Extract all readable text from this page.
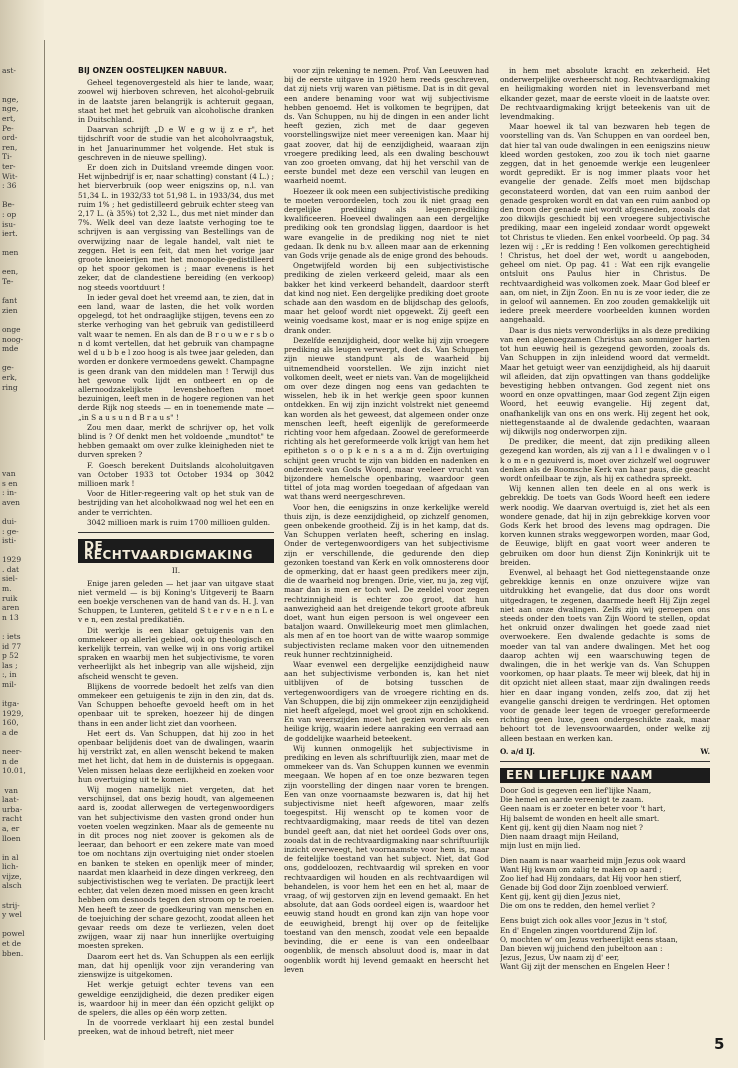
ast-

nge,
nge,
ert,
Pe-
ord-
ren,
Ti-
ter-
Wit-
: 36

Be-
: op
isu-
iert.

men

een,
Te-

fant
zien

onge
noog-
mde

ge-
erk,
ring

van
s en
: in-
aven

dui-
: ge-
isti-

1929
. dat
siel-
m.
ruik
aren
n 13

: iets
id 77
p 52
las ;
:, in
mil-

itga-
1929,
160,
a de

neer-
n de
10.01,

van
laat-
urba-
racht
a, er
lloen

in al
lich-
vijze,
alsch

strij-
y wel

powel
et de
bben.
BIJ ONZEN OOSTELIJKEN NABUUR.

Geheel tegenovergesteld als hier te lande, waar, zoowel wij hierboven schreven, het alcohol-gebruik in de laatste jaren belangrijk is achteruit gegaan, staat het met het gebruik van alcoholische dranken in Duitschland.

Daarvan schrijft „D e W e g w ij z e r", het tijdschrift voor de studie van het alcoholvraagstuk, in het Januarinummer het volgende. Het stuk is geschreven in de nieuwe spelling).

Er doen zich in Duitsland vreemde dingen voor. Het wijnbedrijf is er, naar schatting) constant (4 L.) ; het bierverbruik (oop weer enigszins op, n.l. van 51,34 L. in 1932/33 tot 51,98 L. in 1933/34, dus met ruim 1% ; het gedistilleerd gebruik echter steeg van 2,17 L. (à 35%) tot 2,32 L., dus met niet minder dan 7%. Welk deel van deze laatste verhoging toe te schrijven is aan vergissing van Bestellings van de overwijzing naar de legale handel, valt niet te zeggen. Het is een feit, dat men het vorige jaar groote knoeierijen met het monopolie-gedistilleerd op het spoor gekomen is ; maar evenens is het zeker, dat de clandestiene bereiding (en verkoop) nog steeds voortduurt !

In ieder geval doet het vreemd aan, te zien, dat in een land, waar de lasten, die het volk worden opgelegd, tot het ondraaglijke stijgen, tevens een zo sterke verhoging van het gebruik van gedistilleerd valt waar te nemen. En als dan de B r o u w e r s b o n d komt vertellen, dat het gebruik van champagne wel d u b b e l zoo hoog is als twee jaar geleden, dan worden er donkere vermoedens gewekt. Champagne is geen drank van den middelen man ! Terwijl dus het gewone volk lijdt en ontbeert en op de allernoodzakelijkste levensbehoeften moet bezuinigen, leeft men in de hogere regionen van het derde Rijk nog steeds — en in toenemende mate — „in S a u s u n d B r a u s" !

Zou men daar, merkt de schrijver op, het volk blind is ? Of denkt men het voldoende „mundtot" te hebben gemaakt om over zulke kleinigheden niet te durven spreken ?

F. Goesch berekent Duitslands alcoholuitgaven van October 1933 tot October 1934 op 3042 millioen mark !

Voor de Hitler-regeering valt op het stuk van de bestrijding van het alcoholkwaad nog wel het een en ander te verrichten.

3042 millioen mark is ruim 1700 millioen gulden.

DE RECHTVAARDIGMAKING
II.

Enige jaren geleden — het jaar van uitgave staat niet vermeld — is bij Koning's Uitgeverij te Baarn een boekje verschenen van de hand van ds. H. J. van Schuppen, te Lunteren, getiteld S t e r v e n e n L e v e n, een zestal predikatiën.

Dit werkje is een klaar getuigenis van den ommekeer op allerlei gebied, ook op theologisch en kerkelijk terrein, van welke wij in ons vorig artikel spraken en waarbij men het subjectivisme, te voren verheerlijkt als het inbegrip van alle wijsheid, zijn afscheid wenscht te geven.

Blijkens de voorrede bedoelt het zelfs van dien ommekeer een getuigenis te zijn in den zin, dat ds. Van Schuppen behoefte gevoeld heeft om in het openbaar uit te spreken, hoezeer hij de dingen thans in een ander licht ziet dan voorheen.

Het eert ds. Van Schuppen, dat hij zoo in het openbaar belijdenis doet van de dwalingen, waarin hij verstrikt zat, en allen wenscht bekend te maken met het licht, dat hem in de duisternis is opgegaan. Velen missen helaas deze eerlijkheid en zoeken voor hun overtuiging uit te komen.

Wij mogen namelijk niet vergeten, dat het verschijnsel, dat ons bezig houdt, van algemeenen aard is, zoodat allerwegen de vertegenwoordigers van het subjectivisme den vasten grond onder hun voeten voelen wegzinken. Maar als de gemeente nu in dit proces nog niet zoover is gekomen als de leeraar, dan behoort er een zekere mate van moed toe om nochtans zijn overtuiging niet onder stoelen en banken te steken en openlijk meer of minder, naardat men klaarheid in deze dingen verkreeg, den subjectivistischen weg te verlaten. De practijk leert echter, dat velen dezen moed missen en geen kracht hebben om desnoods tegen den stroom op te roeien. Men heeft te zeer de goedkeuring van menschen en de toejuiching der schare gezocht, zoodat alleen het gevaar reeds om deze te verliezen, velen doet zwijgen, waar zij naar hun innerlijke overtuiging moesten spreken.

Daarom eert het ds. Van Schuppen als een eerlijk man, dat hij openlijk voor zijn verandering van zienswijze is uitgekomen.

Het werkje getuigt echter tevens van een geweldige eenzijdigheid, die dezen prediker eigen is, waardoor hij in meer dan één opzicht gelijkt op de spelers, die alles op één worp zetten.

In de voorrede verklaart hij een zestal bundel preeken, wat de inhoud betreft, niet meer

voor zijn rekening te nemen. Prof. Van Leeuwen had bij de eerste uitgave in 1920 hem reeds geschreven, dat zij niets vrij waren van piëtisme. Dat is in dit geval een andere benaming voor wat wij subjectivisme hebben genoemd. Het is volkomen te begrijpen, dat ds. Van Schuppen, nu hij de dingen in een ander licht heeft gezien, zich met de daar gegeven voorstellingswijze niet meer vereenigen kan. Maar hij gaat zoover, dat hij de eenzijdigheid, waaraan zijn vroegere prediking leed, als een dwaling beschouwt van zoo groeten omvang, dat hij het verschil van de eerste bundel met deze een verschil van leugen en waarheid noemt.

Hoezeer ik ook meen een subjectivistische prediking te moeten veroordeelen, toch zou ik niet graag een dergelijke prediking als leugen-prediking kwalificeeren. Hoeveel dwalingen aan een dergelijke prediking ook ten grondslag liggen, daardoor is het ware evangelie in de prediking nog niet te niet gedaan. Ik denk nu b.v. alleen maar aan de erkenning van Gods vrije genade als de enige grond des behouds.

Ongetwijfeld worden bij een subjectivistische prediking de zielen verkeerd geleid, maar als een bakker het kind verkeerd behandelt, daardoor sterft dat kind nog niet. Een dergelijke prediking doet groote schade aan den wasdom en de blijdschap des geloofs, maar het geloof wordt niet opgewekt. Zij geeft een weinig voedsame kost, maar er is nog enige spijze en drank onder.

Dezelfde eenzijdigheid, door welke hij zijn vroegere prediking als leugen verwerpt, doet ds. Van Schuppen zijn nieuwe standpunt als de waarheid bij uitnemendheid voorstellen. We zijn inzicht niet volkomen deelt, weet er niets van. Van de mogelijkheid om over deze dingen nog eens van gedachten te wisselen, heb ik in het werkje geen spoor kunnen ontdekken. En wij zijn inzicht volstrekt niet geneemd kan worden als het geweest, dat algemeen onder onze menschen leeft, heeft eigenlijk de gereformeerde richting voor hem afgedaan. Zoowel de gereformeerde richting als het gereformeerde volk krijgt van hem het epitheton s o o p k e n s a a m d. Zijn overtuiging schijnt geen vrucht te zijn van bidden en nadenken en onderzoek van Gods Woord, maar veeleer vrucht van bijzondere hemelsche openbaring, waardoor geen tittel of jota mag worden toegedaan of afgedaan van wat thans werd neergeschreven.

Voor hen, die eenigszins in onze kerkelijke wereld thuis zijn, is deze eenzijdigheid, op zichzelf genomen, geen onbekende grootheid. Zij is in het kamp, dat ds. Van Schuppen verlaten heeft, schering en inslag. Onder de vertegenwoordigers van het subjectivisme zijn er verschillende, die gedurende den diep gezonken toestand van Kerk en volk omnosterens door de opmerking, dat er haast geen predikers meer zijn, die de waarheid nog brengen. Drie, vier, nu ja, zeg vijf, maar dan is men er toch wel. De zeeldel voor zegen rechtzinnigheid is echter zoo groot, dat hun aanwezigheid aan het dreigende tekort groote afbreuk doet, want hun eigen persoon is wel ongeveer een bataljon waard. Onwillekeurig moet men glimlachen, als men af en toe hoort van de witte waarop sommige subjectivisten reclame maken voor den uitnemenden reuk hunner rechtzinnigheid.

Waar evenwel een dergelijke eenzijdigheid nauw aan het subjectivisme verbonden is, kan het niet uitblijven of de botsing tusschen de vertegenwoordigers van de vroegere richting en ds. Van Schuppen, die bij zijn ommekeer zijn eenzijdigheid niet heeft afgelegd, moet wel groot zijn en schokkend. En van weerszijden moet het gezien worden als een heilige krijg, waarin iedere aanraking een verraad aan de goddelijke waarheid beteekent.

Wij kunnen onmogelijk het subjectivisme in prediking en leven als schriftuurlijk zien, maar met de ommekeer van ds. Van Schuppen kunnen we evenmin meegaan. We hopen af en toe onze bezwaren tegen zijn voorstelling der dingen naar voren te brengen. Een van onze voornaamste bezwaren is, dat hij het subjectivisme niet heeft afgeworen, maar zelfs toegespitst. Hij wenscht op te komen voor de rechtvaardigmaking, maar reeds de titel van dezen bundel geeft aan, dat niet het oordeel Gods over ons, zooals dat in de rechtvaardigmaking naar schriftuurlijk inzicht overweegt, het voornaamste voor hem is, maar de feitelijke toestand van het subject. Niet, dat God ons, goddeloozen, rechtvaardig wil spreken en voor rechtvaardigen wil houden en als rechtvaardigen wil behandelen, is voor hem het een en het al, maar de vraag, of wij gestorven zijn en levend gemaakt. En het absolute, dat aan Gods oordeel eigen is, waardoor het eeuwig stand houdt en grond kan zijn van hope voor de eeuwigheid, brengt hij over op de feitelijke toestand van den mensch, zoodat vele een bepaalde bevinding, die er eene is van een ondeelbaar oogenblik, de mensch absoluut dood is, maar in dat oogenblik wordt hij levend gemaakt en heerscht het leven

in hem met absolute kracht en zekerheid. Het onderwerpelijke overheerscht nog. Rechtvaardigmaking en heiligmaking worden niet in levensverband met elkander gezet, maar de eerste vloeit in de laatste over. De rechtvaardigmaking krijgt beteekenis van uit de levendmaking.

Maar hoewel ik tal van bezwaren heb tegen de voorstelling van ds. Van Schuppen en van oordeel ben, dat hier tal van oude dwalingen in een eenigszins nieuw kleed worden gestoken, zoo zou ik toch niet gaarne zeggen, dat in het genoemde werkje een leugenleer wordt gepredikt. Er is nog immer plaats voor het evangelie der genade. Zelfs moet men bijdschap geconstateerd worden, dat van een ruim aanbod der genade gesproken wordt en dat van een ruim aanbod op den troon der genade niet wordt afgesneden, zooals dat zoo dikwijls geschiedt bij een vroegere subjectivische prediking, maar een ingeleid zondaar wordt opgewekt tot Christus te vlieden. Een enkel voorbeeld. Op pag. 34 lezen wij : „Er is redding ! Een volkomen gerechtigheid ! Christus, het doel der wet, wordt u aangeboden, geheel om niet. Op pag. 41 : Wat een rijk evangelie ontsluit ons Paulus hier in Christus. De rechtvaardigheid was volkomen zoek. Maar God bleef er aan, om niet, in Zijn Zoon. En nu is ze voor ieder, die ze in geloof wil aannemen. En zoo zouden gemakkelijk uit iedere preek meerdere voorbeelden kunnen worden aangehaald.

Daar is dus niets verwonderlijks in als deze prediking van een algenoegzamen Christus aan sommiger harten tot hun eeuwig heil is gezegend geworden, zooals ds. Van Schuppen in zijn inleidend woord dat vermeldt. Maar het getuigt weer van eenzijdigheid, als hij daaruit wil afleiden, dat zijn opvattingen van thans goddelijke bevestiging hebben ontvangen. God zegent niet ons woord en onze opvattingen, maar God zegent Zijn eigen Woord, het eeuwig evangelie. Hij zegent dat, onafhankelijk van ons en ons werk. Hij zegent het ook, niettegenstaande al de dwalende gedachten, waaraan wij dikwijls nog onderworpen zijn.

De prediker, die meent, dat zijn prediking alleen gezegend kan worden, als zij van a l l e dwalingen v o l k o m e n gezuiverd is, moet over zichzelf wel oogruwer denken als de Roomsche Kerk van haar paus, die geacht wordt onfeilbaar te zijn, als hij ex cathedra spreekt.

Wij kennen allen ten deele en al ons werk is gebrekkig. De toets van Gods Woord heeft een iedere werk noodig. We daarvan overtuigd is, ziet het als een wondere genade, dat hij in zijn gebrekkige korven voor Gods Kerk het brood des levens mag opdragen. Die korven kunnen straks weggeworpen worden, maar God, de Eeuwige, blijft en gaat voort weer anderen te gebruiken om door hun dienst Zijn Koninkrijk uit te breiden.

Evenwel, al behaagt het God niettegenstaande onze gebrekkige kennis en onze onzuivere wijze van uitdrukking het evangelie, dat dus door ons wordt uitgedragen, te zegenen, daarmede heeft Hij Zijn zegel niet aan onze dwalingen. Zelfs zijn wij geroepen ons steeds onder den toets van Zijn Woord te stellen, opdat het onkruid onzer dwalingen het goede zaad niet overwoekere. Een dwalende gedachte is soms de moeder van tal van andere dwalingen. Met het oog daarop achten wij een waarschuwing tegen de dwalingen, die in het werkje van ds. Van Schuppen voorkomen, op haar plaats. Te meer wij bleek, dat hij in dit opzicht niet alleen staat, maar zijn dwalingen reeds hier en daar ingang vonden, zelfs zoo, dat zij het evangelie ganschi dreigen te verdringen. Het optomen voor de genade leer tegen de vroeger gereformeerde richting geen luxe, geen ondergeschikte zaak, maar behoort tot de levensvoorwaarden, onder welke zij alleen bestaan en werken kan.

O. a/d IJ.	W.
EEN LIEFLIJKE NAAM
Door God is gegeven een lief'lijke Naam,
Die hemel en aarde vereenigt te zaam.
Geen naam is er zoeter en beter voor 't hart,
Hij balsemt de wonden en heelt alle smart.
Kent gij, kent gij dien Naam nog niet ?
Dien naam draagt mijn Heiland,
mijn lust en mijn lied.
Dien naam is naar waarheid mijn Jezus ook waard
Want Hij kwam om zalig te maken op aard ;
Zoo lief had Hij zondaars, dat Hij voor hen stierf,
Genade bij God door Zijn zoenbloed verwierf.
Kent gij, kent gij dien Jezus niet,
Die om ons te redden, den hemel verliet ?
Eens buigt zich ook alles voor Jezus in 't stof,
En d' Engelen zingen voortdurend Zijn lof.
O, mochten w' om Jezus verheerlijkt eens staan,
Dan bieven wij juichend den jubeltoon aan :
Jezus, Jezus, Uw naam zij d' eer,
Want Gij zijt der menschen en Engelen Heer !
5
